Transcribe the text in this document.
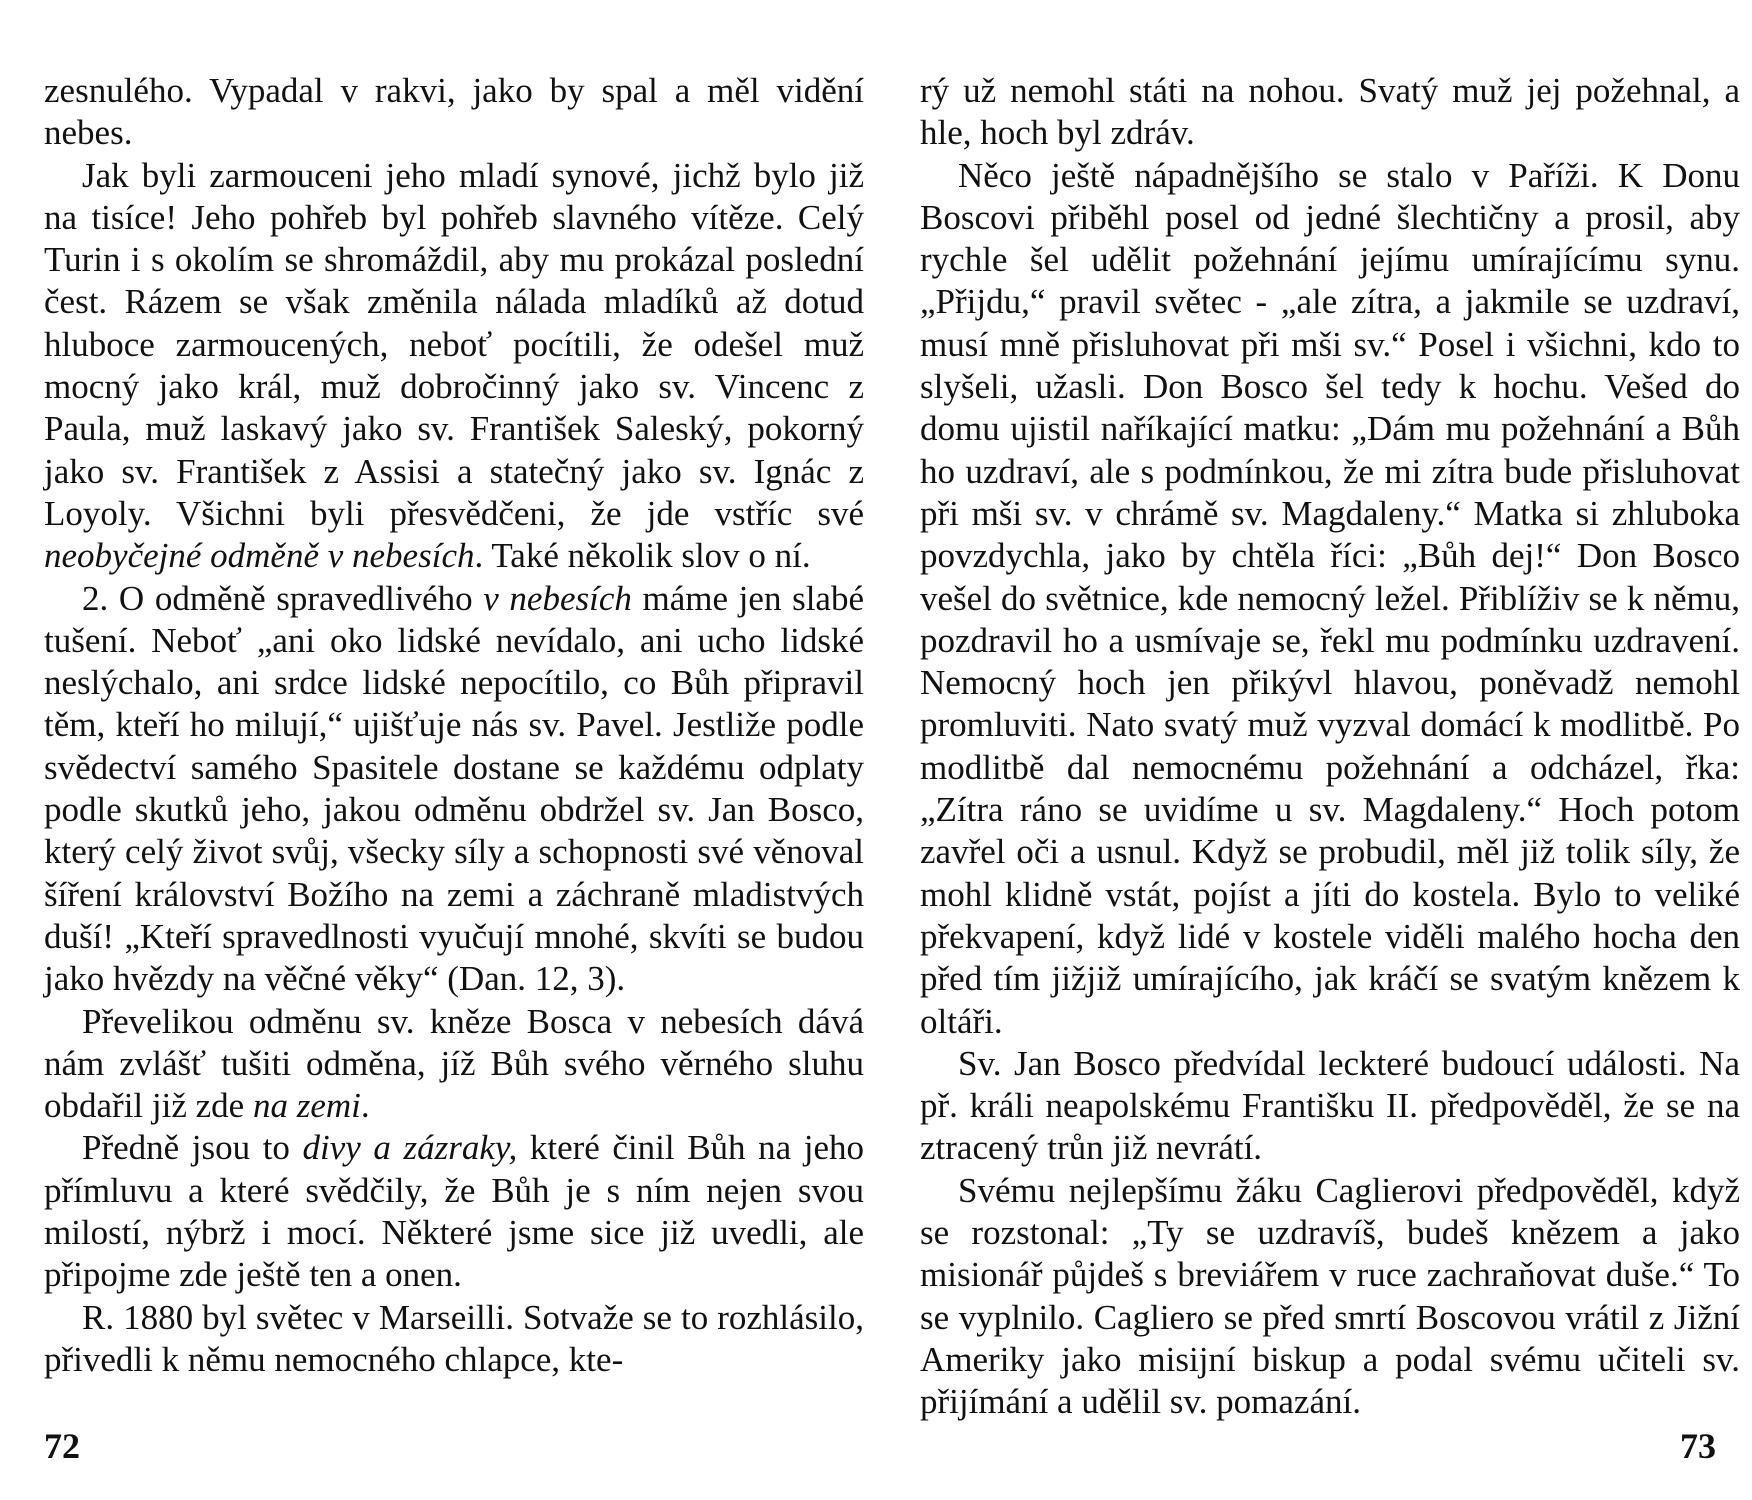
zesnulého. Vypadal v rakvi, jako by spal a měl vidění nebes.

Jak byli zarmouceni jeho mladí synové, jichž bylo již na tisíce! Jeho pohřeb byl pohřeb slavného vítěze. Celý Turin i s okolím se shromáždil, aby mu prokázal poslední čest. Rázem se však změnila nálada mladíků až dotud hluboce zarmoucených, neboť pocítili, že odešel muž mocný jako král, muž dobročinný jako sv. Vincenc z Paula, muž laskavý jako sv. František Saleský, pokorný jako sv. František z Assisi a statečný jako sv. Ignác z Loyoly. Všichni byli přesvědčeni, že jde vstříc své neobyčejné odměně v nebesích. Také několik slov o ní.

2. O odměně spravedlivého v nebesích máme jen slabé tušení. Neboť „ani oko lidské nevídalo, ani ucho lidské neslýchalo, ani srdce lidské nepocítilo, co Bůh připravil těm, kteří ho milují,“ ujišťuje nás sv. Pavel. Jestliže podle svědectví samého Spasitele dostane se každému odplaty podle skutků jeho, jakou odměnu obdržel sv. Jan Bosco, který celý život svůj, všecky síly a schopnosti své věnoval šíření království Božího na zemi a záchraně mladistvých duší! „Kteří spravedlnosti vyučují mnohé, skvíti se budou jako hvězdy na věčné věky“ (Dan. 12, 3).

Převelikou odměnu sv. kněze Bosca v nebesích dává nám zvlášť tušiti odměna, jíž Bůh svého věrného sluhu obdařil již zde na zemi.

Předně jsou to divy a zázraky, které činil Bůh na jeho přímluvu a které svědčily, že Bůh je s ním nejen svou milostí, nýbrž i mocí. Některé jsme sice již uvedli, ale připojme zde ještě ten a onen.

R. 1880 byl světec v Marseilli. Sotvaže se to rozhlásilo, přivedli k němu nemocného chlapce, kte-

rý už nemohl státi na nohou. Svatý muž jej požehnal, a hle, hoch byl zdráv.

Něco ještě nápadnějšího se stalo v Paříži. K Donu Boscovi přiběhl posel od jedné šlechtičny a prosil, aby rychle šel udělit požehnání jejímu umírajícímu synu. „Přijdu,“ pravil světec - „ale zítra, a jakmile se uzdraví, musí mně přisluhovat při mši sv.“ Posel i všichni, kdo to slyšeli, užasli. Don Bosco šel tedy k hochu. Vešed do domu ujistil naříkající matku: „Dám mu požehnání a Bůh ho uzdraví, ale s podmínkou, že mi zítra bude přisluhovat při mši sv. v chrámě sv. Magdaleny.“ Matka si zhluboka povzdychla, jako by chtěla říci: „Bůh dej!“ Don Bosco vešel do světnice, kde nemocný ležel. Přiblíživ se k němu, pozdravil ho a usmívaje se, řekl mu podmínku uzdravení. Nemocný hoch jen přikývl hlavou, poněvadž nemohl promluviti. Nato svatý muž vyzval domácí k modlitbě. Po modlitbě dal nemocnému požehnání a odcházel, řka: „Zítra ráno se uvidíme u sv. Magdaleny.“ Hoch potom zavřel oči a usnul. Když se probudil, měl již tolik síly, že mohl klidně vstát, pojíst a jíti do kostela. Bylo to veliké překvapení, když lidé v kostele viděli malého hocha den před tím jižjiž umírajícího, jak kráčí se svatým knězem k oltáři.

Sv. Jan Bosco předvídal leckteré budoucí události. Na př. králi neapolskému Františku II. předpověděl, že se na ztracený trůn již nevrátí.

Svému nejlepšímu žáku Caglierovi předpověděl, když se rozstonal: „Ty se uzdravíš, budeš knězem a jako misionář půjdeš s breviářem v ruce zachraňovat duše.“ To se vyplnilo. Cagliero se před smrtí Boscovou vrátil z Jižní Ameriky jako misijní biskup a podal svému učiteli sv. přijímání a udělil sv. pomazání.

72	73
